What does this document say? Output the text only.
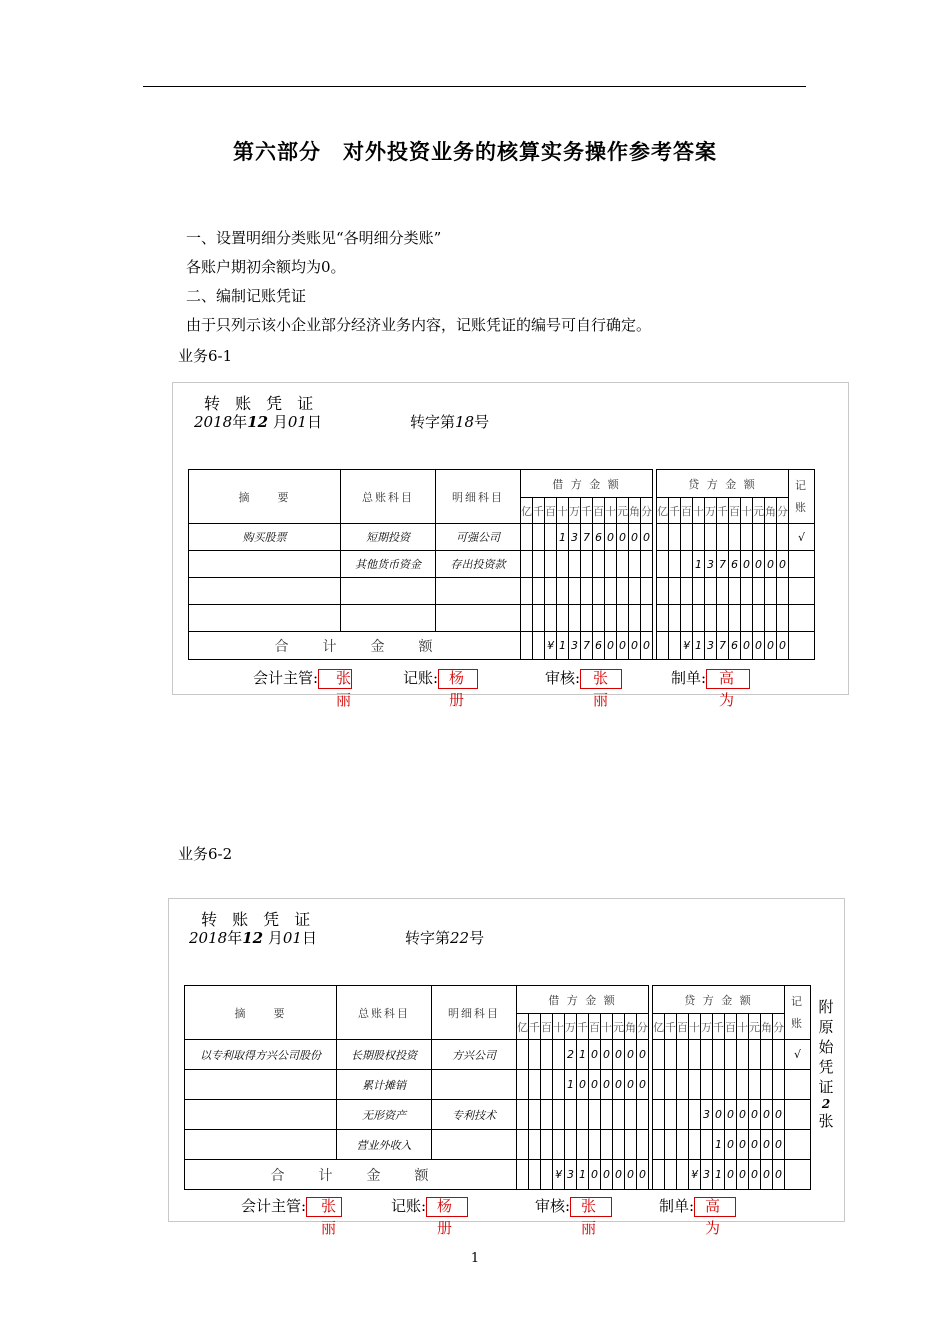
第六部分　对外投资业务的核算实务操作参考答案
一、设置明细分类账见“各明细分类账”
各账户期初余额均为0。
二、编制记账凭证
由于只列示该小企业部分经济业务内容，记账凭证的编号可自行确定。
业务6-1
转 账 凭 证
2018年12 月01日	转字第18号
摘　　要	总账科目	明细科目	借 方 金 额												贷 方 金 额											记账
			亿	千	百	十	万	千	百	十	元	角	分		亿	千	百	十	万	千	百	十	元	角	分	
购买股票	短期投资	可强公司				1	3	7	6	0	0	0	0													√
	其他货币资金	存出投资款																1	3	7	6	0	0	0	0	

合　　计　　金　　额					¥	1	3	7	6	0	0	0	0				¥	1	3	7	6	0	0	0	0	
会计主管:	记账:	审核:	制单:
张丽
杨册
张丽
高为
业务6-2
转 账 凭 证
2018年12 月01日	转字第22号
摘　　要	总账科目	明细科目	借 方 金 额												贷 方 金 额											记账
			亿	千	百	十	万	千	百	十	元	角	分		亿	千	百	十	万	千	百	十	元	角	分	
以专利取得方兴公司股份	长期股权投资	方兴公司					2	1	0	0	0	0	0													√
	累计摊销						1	0	0	0	0	0	0													
	无形资产	专利技术																	3	0	0	0	0	0	0	
	营业外收入																			1	0	0	0	0	0	
合　　计　　金　　额						¥	3	1	0	0	0	0	0					¥	3	1	0	0	0	0	0	
附
原
始
凭
证
2
张
会计主管:	记账:	审核:	制单:
张丽
杨册
张丽
高为
1
